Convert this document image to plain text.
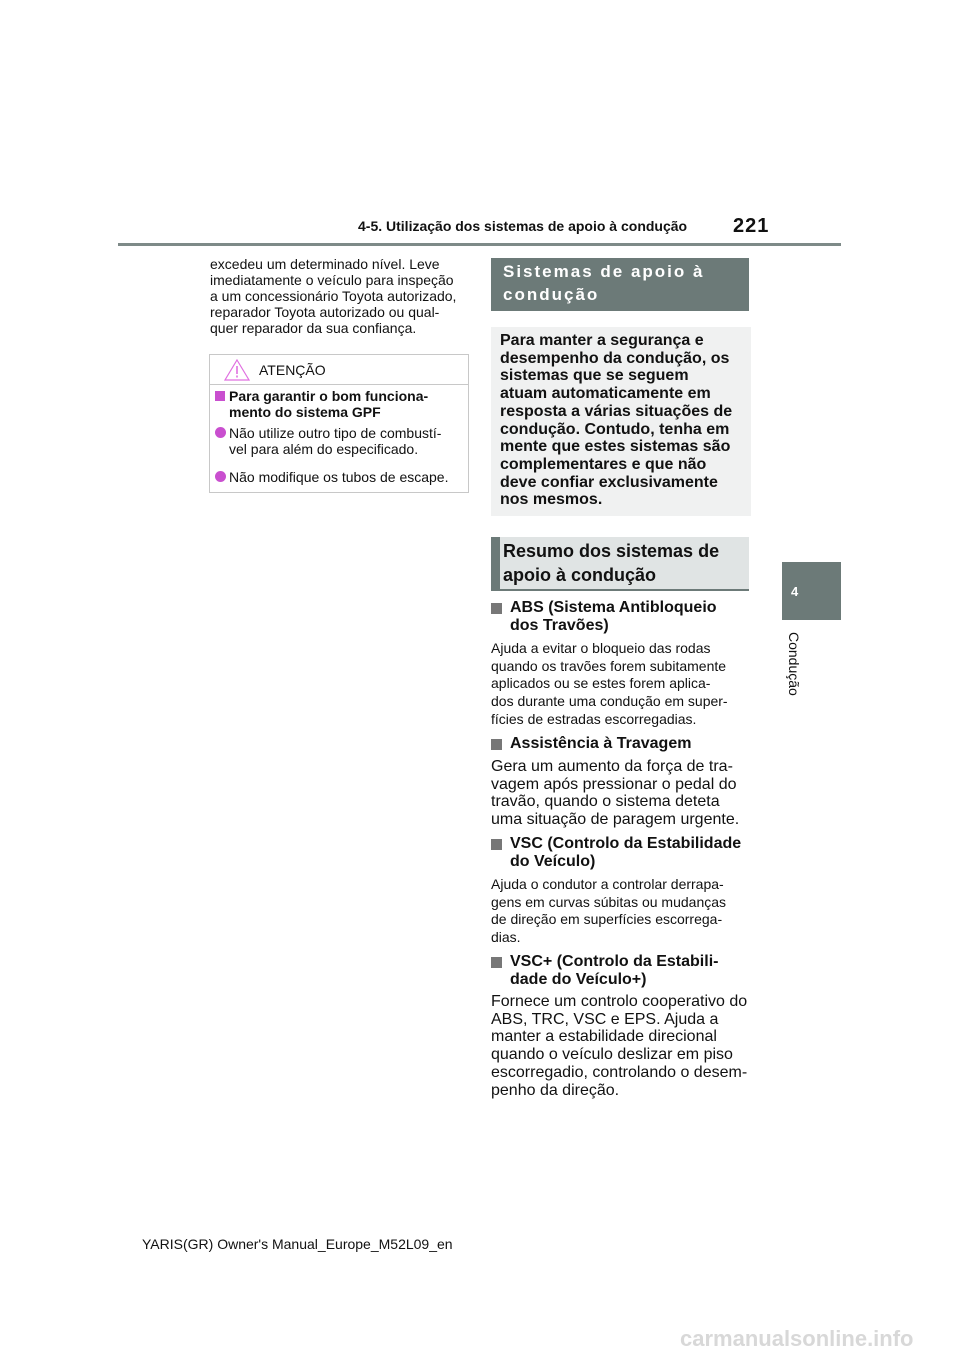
4-5. Utilização dos sistemas de apoio à condução 221
excedeu um determinado nível. Leve
imediatamente o veículo para inspeção
a um concessionário Toyota autorizado,
reparador Toyota autorizado ou qual-
quer reparador da sua confiança.
ATENÇÃO
Para garantir o bom funciona-
mento do sistema GPF
Não utilize outro tipo de combustí-
vel para além do especificado.
Não modifique os tubos de escape.
Sistemas de apoio à
condução
Para manter a segurança e
desempenho da condução, os
sistemas que se seguem
atuam automaticamente em
resposta a várias situações de
condução. Contudo, tenha em
mente que estes sistemas são
complementares e que não
deve confiar exclusivamente
nos mesmos.
Resumo dos sistemas de
apoio à condução
ABS (Sistema Antibloqueio
dos Travões)
Ajuda a evitar o bloqueio das rodas
quando os travões forem subitamente
aplicados ou se estes forem aplica-
dos durante uma condução em super-
fícies de estradas escorregadias.
Assistência à Travagem
Gera um aumento da força de tra-
vagem após pressionar o pedal do
travão, quando o sistema deteta
uma situação de paragem urgente.
VSC (Controlo da Estabilidade
do Veículo)
Ajuda o condutor a controlar derrapa-
gens em curvas súbitas ou mudanças
de direção em superfícies escorrega-
dias.
VSC+ (Controlo da Estabili-
dade do Veículo+)
Fornece um controlo cooperativo do
ABS, TRC, VSC e EPS. Ajuda a
manter a estabilidade direcional
quando o veículo deslizar em piso
escorregadio, controlando o desem-
penho da direção.
4
Condução
YARIS(GR) Owner's Manual_Europe_M52L09_en
carmanualsonline.info
